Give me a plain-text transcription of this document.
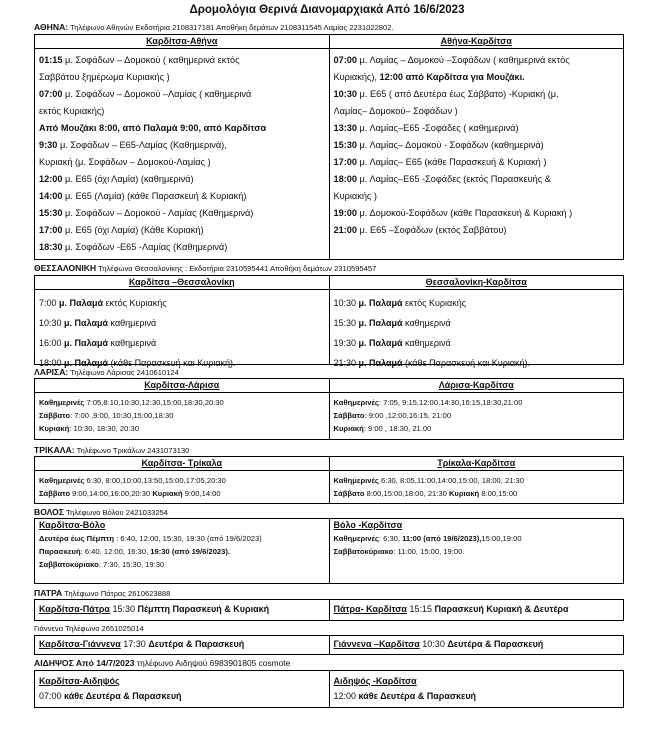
Δρομολόγια Θερινά Διανομαρχιακά Από 16/6/2023
ΑΘΗΝΑ: Τηλέφωνο Αθηνών Εκδοτήρια 2108317181 Αποθήκη δεμάτων 2108311545 Λαμίας 2231022802.
Καρδίτσα-Αθήνα
01:15 μ. Σοφάδων – Δομοκού ( καθημερινά εκτός
Σαββάτου ξημέρωμα Κυριακής )
07:00 μ. Σοφάδων – Δομοκού –Λαμίας ( καθημερινά
εκτός Κυριακής)
Από Μουζάκι 8:00, από Παλαμά 9:00, από Καρδίτσα
9:30 μ. Σοφάδων – Ε65-Λαμίας (Καθημερινά),
Κυριακή (μ. Σοφάδων – Δομοκού-Λαμίας )
12:00 μ. Ε65 (όχι Λαμία) (καθημερινά)
14:00 μ. Ε65 (Λαμία) (κάθε Παρασκευή & Κυριακή)
15:30 μ. Σοφάδων – Δομοκού - Λαμίας (Καθημερινά)
17:00 μ. Ε65 (όχι Λαμία) (Κάθε Κυριακή)
18:30 μ. Σοφάδων -Ε65 -Λαμίας (Καθημερινά)
Αθήνα-Καρδίτσα
07:00 μ. Λαμίας – Δομοκού –Σοφάδων ( καθημερινά εκτός
Κυριακής), 12:00 από Καρδίτσα για Μουζάκι.
10:30 μ. Ε65 ( από Δευτέρα έως Σάββατο) -Κυριακή (μ.
Λαμίας– Δομοκού– Σοφάδων )
13:30 μ. Λαμίας–Ε65 -Σοφάδες ( καθημερινά)
15:30 μ. Λαμίας– Δομοκού - Σοφάδων (καθημερινά)
17:00 μ. Λαμίας– Ε65 (κάθε Παρασκευή & Κυριακή )
18:00 μ. Λαμίας–Ε65 -Σοφάδες (εκτός Παρασκευής &
Κυριακής )
19:00 μ. Δομοκού-Σοφάδων (κάθε Παρασκευή & Κυριακή )
21:00 μ. Ε65 –Σοφάδων (εκτός Σαββάτου)
ΘΕΣΣΑΛΟΝΙΚΗ Τηλέφωνα Θεσσαλονίκης : Εκδοτήρια 2310595441 Αποθήκη δεμάτων 2310595457
Καρδίτσα –Θεσσαλονίκη
7:00 μ. Παλαμά εκτός Κυριακής
10:30 μ. Παλαμά καθημερινά
16:00 μ. Παλαμά καθημερινά
18:00 μ. Παλαμά (κάθε Παρασκευή και Κυριακή).
Θεσσαλονίκη-Καρδίτσα
10:30 μ. Παλαμά εκτός Κυριακής
15:30 μ. Παλαμά καθημερινά
19:30 μ. Παλαμά καθημερινά
21:30 μ. Παλαμά (κάθε Παρασκευή και Κυριακή).
ΛΑΡΙΣΑ: Τηλέφωνο Λάρισας 2410610124
Καρδίτσα-Λάρισα
Καθημερινές 7:05,8:10,10:30,12:30,15:00,18:30,20:30
Σάββατο: 7:00 ,9:00, 10:30,15:00,18:30
Κυριακή: 10:30, 18:30, 20:30
Λάρισα-Καρδίτσα
Καθημερινές: 7:05, 9:15,12:00,14:30,16:15,18:30,21:00
Σάββατο: 9:00 ,12:00,16:15, 21:00
Κυριακή: 9:00 , 18:30, 21.00
ΤΡΙΚΑΛΑ: Τηλέφωνο Τρικάλων 2431073130
Καρδίτσα- Τρίκαλα
Καθημερινές 6:30, 8:00,10:00,13:50,15:00,17:05,20:30
Σάββατο 9:00,14:00,16:00,20:30 Κυριακή 9:00,14:00
Τρίκαλα-Καρδίτσα
Καθημερινές 6:30, 8:05,11:00,14:00,15:00, 18:00, 21:30
Σάββατο 8:00,15:00,18:00, 21:30 Κυριακή 8:00,15:00
ΒΟΛΟΣ Τηλέφωνο Βόλου 2421033254
Καρδίτσα-Βόλο
Δευτέρα έως Πέμπτη : 6:40, 12:00, 15:30, 19:30 (από 19/6/2023)
Παρασκευή: 6:40, 12:00, 16:30, 19:30 (από 19/6/2023).
Σαββατοκύριακο: 7:30, 15:30, 19:30
Βόλο -Καρδίτσα
Καθημερινές: 6:30, 11:00 (από 19/6/2023),15:00,19:00
Σαββατοκύριακο: 11:00, 15:00, 19:00.
ΠΑΤΡΑ Τηλέφωνο Πάτρας 2610623888
Καρδίτσα-Πάτρα 15:30 Πέμπτη Παρασκευή & Κυριακή	Πάτρα- Καρδίτσα 15:15 Παρασκευή Κυριακή & Δευτέρα
Γιάννενα Τηλέφωνο 2651025014
Καρδίτσα-Γιάννενα 17:30 Δευτέρα & Παρασκευή	Γιάννενα –Καρδίτσα 10:30 Δευτέρα & Παρασκευή
ΑΙΔΗΨΟΣ Από 14/7/2023 τηλέφωνο Αιδηψού 6983901805 cosmote
Καρδίτσα-Αιδηψός
07:00 κάθε Δευτέρα & Παρασκευή
Αιδηψός -Καρδίτσα
12:00 κάθε Δευτέρα & Παρασκευή
